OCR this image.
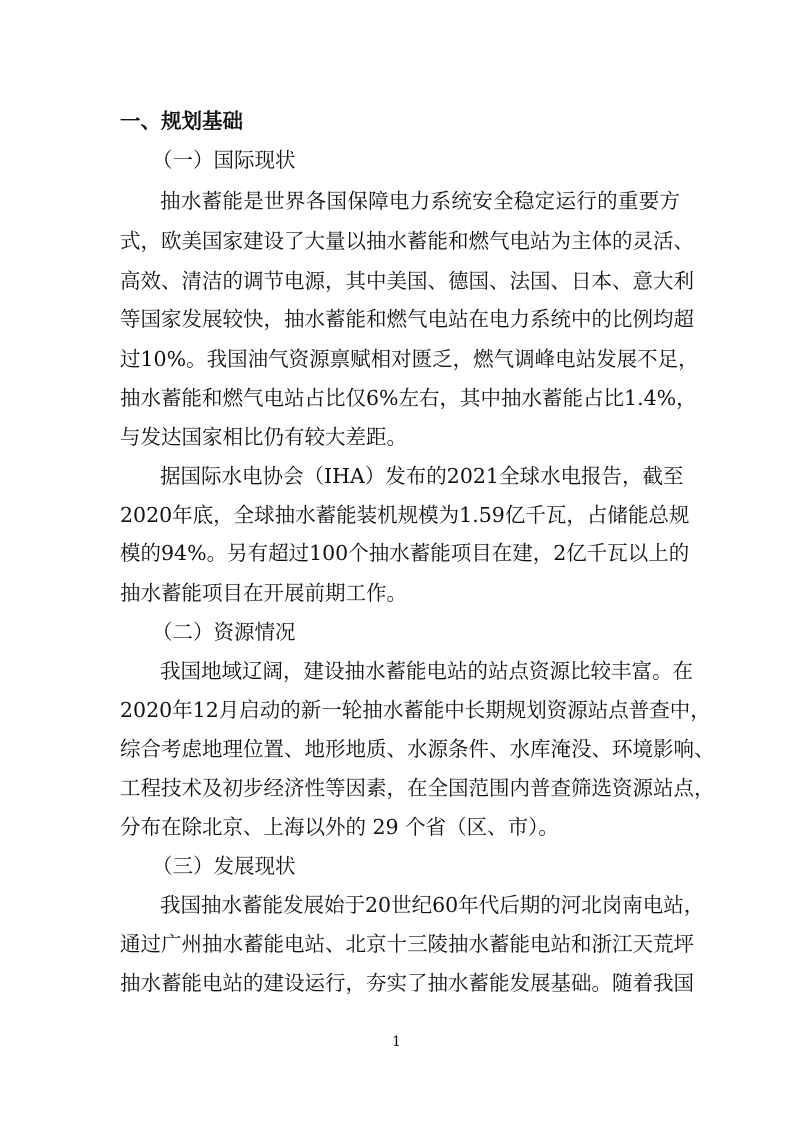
一、规划基础
（一）国际现状
抽 水 蓄 能 是 世 界 各 国 保 障 电 力 系 统 安 全 稳 定 运 行 的 重 要 方
式 ， 欧 美 国 家 建 设 了 大 量 以 抽 水 蓄 能 和 燃 气 电 站 为 主 体 的 灵 活 、
高 效 、 清 洁 的 调 节 电 源 ， 其 中 美 国 、 德 国 、 法 国 、 日 本 、 意 大 利
等 国 家 发 展 较 快 ， 抽 水 蓄 能 和 燃 气 电 站 在 电 力 系 统 中 的 比 例 均 超
过 10% 。 我 国 油 气 资 源 禀 赋 相 对 匮 乏 ， 燃 气 调 峰 电 站 发 展 不 足 ，
抽 水 蓄 能 和 燃 气 电 站 占 比 仅 6% 左 右 ， 其 中 抽 水 蓄 能 占 比 1.4% ，
与发达国家相比仍有较大差距。
据 国 际 水 电 协 会 （ IHA ） 发 布 的 2021 全 球 水 电 报 告 ， 截 至
2020 年 底 ， 全 球 抽 水 蓄 能 装 机 规 模 为 1.59 亿 千 瓦 ， 占 储 能 总 规
模 的 94% 。 另 有 超 过 100 个 抽 水 蓄 能 项 目 在 建 ， 2 亿 千 瓦 以 上 的
抽水蓄能项目在开展前期工作。
（二）资源情况
我 国 地 域 辽 阔 ， 建 设 抽 水 蓄 能 电 站 的 站 点 资 源 比 较 丰 富 。 在
2020 年 12 月 启 动 的 新 一 轮 抽 水 蓄 能 中 长 期 规 划 资 源 站 点 普 查 中 ，
综 合 考 虑 地 理 位 置 、 地 形 地 质 、 水 源 条 件 、 水 库 淹 没 、 环 境 影 响 、
工 程 技 术 及 初 步 经 济 性 等 因 素 ， 在 全 国 范 围 内 普 查 筛 选 资 源 站 点 ，
分布在除北京、上海以外的 29 个省（区、市）。
（三）发展现状
我 国 抽 水 蓄 能 发 展 始 于 20 世 纪 60 年 代 后 期 的 河 北 岗 南 电 站 ，
通 过 广 州 抽 水 蓄 能 电 站 、 北 京 十 三 陵 抽 水 蓄 能 电 站 和 浙 江 天 荒 坪
抽 水 蓄 能 电 站 的 建 设 运 行 ， 夯 实 了 抽 水 蓄 能 发 展 基 础 。 随 着 我 国
1
